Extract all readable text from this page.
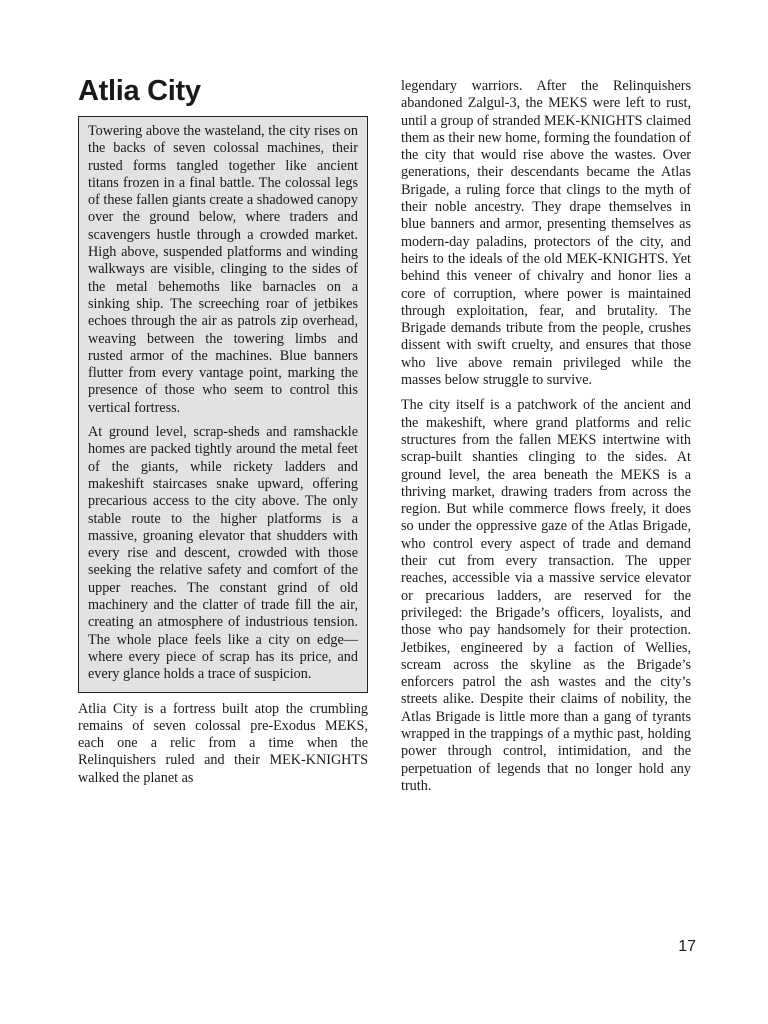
Atlia City

Towering above the wasteland, the city rises on the backs of seven colossal machines, their rusted forms tangled together like ancient titans frozen in a final battle. The colossal legs of these fallen giants create a shadowed canopy over the ground below, where traders and scavengers hustle through a crowded market. High above, suspended platforms and winding walkways are visible, clinging to the sides of the metal behemoths like barnacles on a sinking ship. The screeching roar of jetbikes echoes through the air as patrols zip overhead, weaving between the towering limbs and rusted armor of the machines. Blue banners flutter from every vantage point, marking the presence of those who seem to control this vertical fortress.

At ground level, scrap-sheds and ramshackle homes are packed tightly around the metal feet of the giants, while rickety ladders and makeshift staircases snake upward, offering precarious access to the city above. The only stable route to the higher platforms is a massive, groaning elevator that shudders with every rise and descent, crowded with those seeking the relative safety and comfort of the upper reaches. The constant grind of old machinery and the clatter of trade fill the air, creating an atmosphere of industrious tension. The whole place feels like a city on edge—where every piece of scrap has its price, and every glance holds a trace of suspicion.

Atlia City is a fortress built atop the crumbling remains of seven colossal pre-Exodus MEKS, each one a relic from a time when the Relinquishers ruled and their MEK-KNIGHTS walked the planet as

legendary warriors. After the Relinquishers abandoned Zalgul-3, the MEKS were left to rust, until a group of stranded MEK-KNIGHTS claimed them as their new home, forming the foundation of the city that would rise above the wastes. Over generations, their descendants became the Atlas Brigade, a ruling force that clings to the myth of their noble ancestry. They drape themselves in blue banners and armor, presenting themselves as modern-day paladins, protectors of the city, and heirs to the ideals of the old MEK-KNIGHTS. Yet behind this veneer of chivalry and honor lies a core of corruption, where power is maintained through exploitation, fear, and brutality. The Brigade demands tribute from the people, crushes dissent with swift cruelty, and ensures that those who live above remain privileged while the masses below struggle to survive.

The city itself is a patchwork of the ancient and the makeshift, where grand platforms and relic structures from the fallen MEKS intertwine with scrap-built shanties clinging to the sides. At ground level, the area beneath the MEKS is a thriving market, drawing traders from across the region. But while commerce flows freely, it does so under the oppressive gaze of the Atlas Brigade, who control every aspect of trade and demand their cut from every transaction. The upper reaches, accessible via a massive service elevator or precarious ladders, are reserved for the privileged: the Brigade’s officers, loyalists, and those who pay handsomely for their protection. Jetbikes, engineered by a faction of Wellies, scream across the skyline as the Brigade’s enforcers patrol the ash wastes and the city’s streets alike. Despite their claims of nobility, the Atlas Brigade is little more than a gang of tyrants wrapped in the trappings of a mythic past, holding power through control, intimidation, and the perpetuation of legends that no longer hold any truth.

17
